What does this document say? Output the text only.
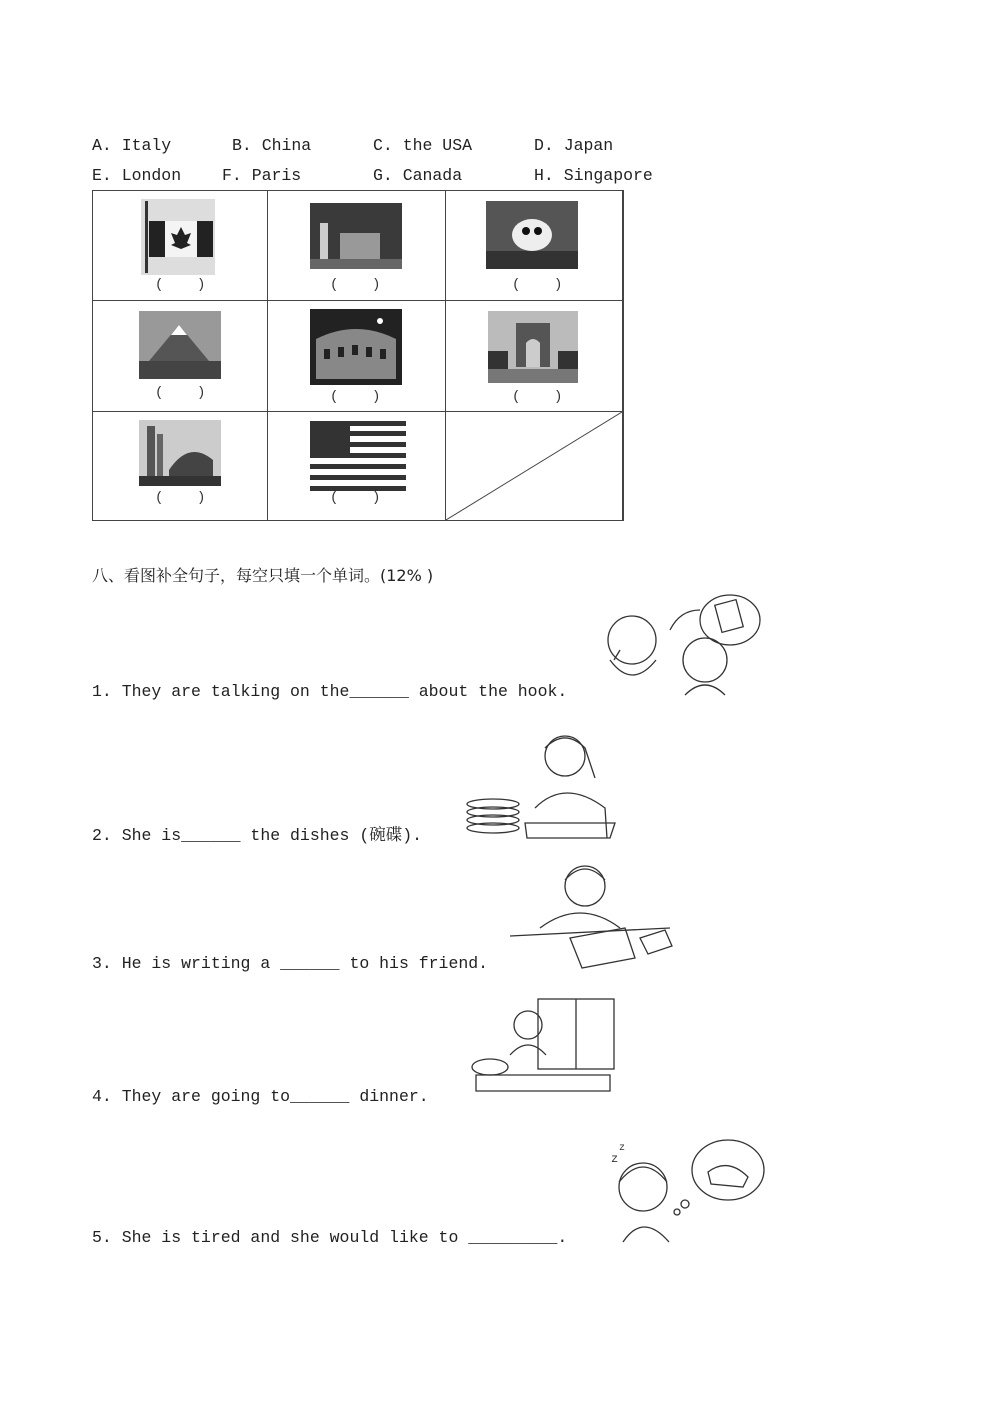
A. Italy	B. China	C. the USA	D. Japan
E. London F. Paris	G. Canada	H. Singapore
(    )	(    )	(    )
(    )	(    )	(    )
(    )	(    )
八、看图补全句子，每空只填一个单词。(12% )
1. They are talking on the______ about the hook.
2. She is______ the dishes (碗碟).
3. He is writing a ______ to his friend.
4. They are going to______ dinner.
5. She is tired and she would like to _________.
z
z
